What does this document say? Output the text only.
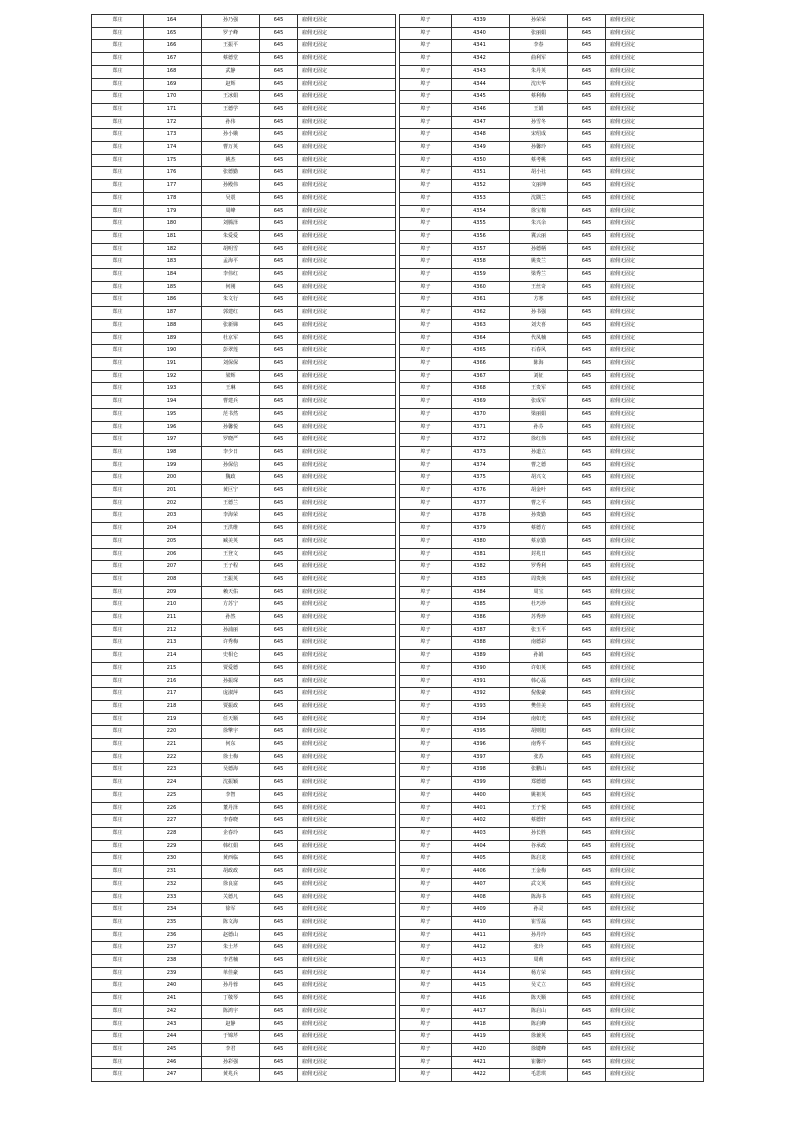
郑庄	164	孙乃强	645	雇佣无固定
郑庄	165	罗子峰	645	雇佣无固定
郑庄	166	王振平	645	雇佣无固定
郑庄	167	蔡德堂	645	雇佣无固定
郑庄	168	武静	645	雇佣无固定
郑庄	169	赵辉	645	雇佣无固定
郑庄	170	王冰娟	645	雇佣无固定
郑庄	171	王德学	645	雇佣无固定
郑庄	172	孙伟	645	雇佣无固定
郑庄	173	孙小娥	645	雇佣无固定
郑庄	174	曹万英	645	雇佣无固定
郑庄	175	姚杰	645	雇佣无固定
郑庄	176	张德勤	645	雇佣无固定
郑庄	177	孙殿伟	645	雇佣无固定
郑庄	178	吴震	645	雇佣无固定
郑庄	179	周峰	645	雇佣无固定
郑庄	180	刘腾泽	645	雇佣无固定
郑庄	181	朱爱爱	645	雇佣无固定
郑庄	182	胡明雪	645	雇佣无固定
郑庄	183	孟海平	645	雇佣无固定
郑庄	184	李伟红	645	雇佣无固定
郑庄	185	何刚	645	雇佣无固定
郑庄	186	朱文行	645	雇佣无固定
郑庄	187	郭建红	645	雇佣无固定
郑庄	188	张新娣	645	雇佣无固定
郑庄	189	杜京军	645	雇佣无固定
郑庄	190	彭翠莲	645	雇佣无固定
郑庄	191	刘保保	645	雇佣无固定
郑庄	192	梁辉	645	雇佣无固定
郑庄	193	王琳	645	雇佣无固定
郑庄	194	曹建兵	645	雇佣无固定
郑庄	195	范书然	645	雇佣无固定
郑庄	196	孙馨悦	645	雇佣无固定
郑庄	197	罗晓严	645	雇佣无固定
郑庄	198	李少日	645	雇佣无固定
郑庄	199	孙保信	645	雇佣无固定
郑庄	200	魏政	645	雇佣无固定
郑庄	201	黄巨宁	645	雇佣无固定
郑庄	202	王德兰	645	雇佣无固定
郑庄	203	李海荣	645	雇佣无固定
郑庄	204	王洪维	645	雇佣无固定
郑庄	205	臧美英	645	雇佣无固定
郑庄	206	王登文	645	雇佣无固定
郑庄	207	王子程	645	雇佣无固定
郑庄	208	王振英	645	雇佣无固定
郑庄	209	赖天佑	645	雇佣无固定
郑庄	210	方苏宁	645	雇佣无固定
郑庄	211	孙然	645	雇佣无固定
郑庄	212	孙浦丽	645	雇佣无固定
郑庄	213	许秀梅	645	雇佣无固定
郑庄	214	史相仑	645	雇佣无固定
郑庄	215	贾爱德	645	雇佣无固定
郑庄	216	孙振琛	645	雇佣无固定
郑庄	217	庞淑萍	645	雇佣无固定
郑庄	218	贾振政	645	雇佣无固定
郑庄	219	任天顺	645	雇佣无固定
郑庄	220	徐擎宇	645	雇佣无固定
郑庄	221	何东	645	雇佣无固定
郑庄	222	徐士梅	645	雇佣无固定
郑庄	223	吴德海	645	雇佣无固定
郑庄	224	沈振颖	645	雇佣无固定
郑庄	225	李智	645	雇佣无固定
郑庄	226	董丹泽	645	雇佣无固定
郑庄	227	李春晓	645	雇佣无固定
郑庄	228	企春玲	645	雇佣无固定
郑庄	229	韩红娟	645	雇佣无固定
郑庄	230	黄西临	645	雇佣无固定
郑庄	231	胡政政	645	雇佣无固定
郑庄	232	徐良富	645	雇佣无固定
郑庄	233	关德凡	645	雇佣无固定
郑庄	234	徐军	645	雇佣无固定
郑庄	235	陈文海	645	雇佣无固定
郑庄	236	赵德山	645	雇佣无固定
郑庄	237	朱士芹	645	雇佣无固定
郑庄	238	李君楠	645	雇佣无固定
郑庄	239	单佳豪	645	雇佣无固定
郑庄	240	孙丹蓉	645	雇佣无固定
郑庄	241	丁敬琴	645	雇佣无固定
郑庄	242	陈鸿宇	645	雇佣无固定
郑庄	243	赵静	645	雇佣无固定
郑庄	244	于锦芹	645	雇佣无固定
郑庄	245	李君	645	雇佣无固定
郑庄	246	孙彩强	645	雇佣无固定
郑庄	247	黄兆兵	645	雇佣无固定
埠子	4339	孙荣荣	645	雇佣无固定
埠子	4340	张丽娟	645	雇佣无固定
埠子	4341	李春	645	雇佣无固定
埠子	4342	曲利军	645	雇佣无固定
埠子	4343	朱丹英	645	雇佣无固定
埠子	4344	沈庆华	645	雇佣无固定
埠子	4345	蔡利梅	645	雇佣无固定
埠子	4346	王娟	645	雇佣无固定
埠子	4347	孙雪冬	645	雇佣无固定
埠子	4348	宋绍成	645	雇佣无固定
埠子	4349	孙馨玲	645	雇佣无固定
埠子	4350	蔡考桃	645	雇佣无固定
埠子	4351	胡小社	645	雇佣无固定
埠子	4352	文丽坤	645	雇佣无固定
埠子	4353	沈隅兰	645	雇佣无固定
埠子	4354	徐宝棉	645	雇佣无固定
埠子	4355	朱兴余	645	雇佣无固定
埠子	4356	冀云丽	645	雇佣无固定
埠子	4357	孙德柄	645	雇佣无固定
埠子	4358	姚贵兰	645	雇佣无固定
埠子	4359	梁秀兰	645	雇佣无固定
埠子	4360	王丝奇	645	雇佣无固定
埠子	4361	方寒	645	雇佣无固定
埠子	4362	孙书强	645	雇佣无固定
埠子	4363	刘夫喜	645	雇佣无固定
埠子	4364	代凤楠	645	雇佣无固定
埠子	4365	石春风	645	雇佣无固定
埠子	4366	陈海	645	雇佣无固定
埠子	4367	刘征	645	雇佣无固定
埠子	4368	王贵军	645	雇佣无固定
埠子	4369	张成军	645	雇佣无固定
埠子	4370	梁丽娟	645	雇佣无固定
埠子	4371	孙芬	645	雇佣无固定
埠子	4372	徐红伟	645	雇佣无固定
埠子	4373	孙道立	645	雇佣无固定
埠子	4374	曹之德	645	雇佣无固定
埠子	4375	胡兴文	645	雇佣无固定
埠子	4376	胡金叶	645	雇佣无固定
埠子	4377	曹之平	645	雇佣无固定
埠子	4378	孙贵勤	645	雇佣无固定
埠子	4379	蔡德方	645	雇佣无固定
埠子	4380	蔡京勤	645	雇佣无固定
埠子	4381	封兆日	645	雇佣无固定
埠子	4382	罗秀利	645	雇佣无固定
埠子	4383	周贵侠	645	雇佣无固定
埠子	4384	周宝	645	雇佣无固定
埠子	4385	杜巧珍	645	雇佣无固定
埠子	4386	苏秀珍	645	雇佣无固定
埠子	4387	张玉平	645	雇佣无固定
埠子	4388	南德彩	645	雇佣无固定
埠子	4389	孙娟	645	雇佣无固定
埠子	4390	许如英	645	雇佣无固定
埠子	4391	韩心磊	645	雇佣无固定
埠子	4392	倪俊豪	645	雇佣无固定
埠子	4393	樊佳美	645	雇佣无固定
埠子	4394	南如光	645	雇佣无固定
埠子	4395	胡则旭	645	雇佣无固定
埠子	4396	南秀平	645	雇佣无固定
埠子	4397	张苏	645	雇佣无固定
埠子	4398	张鹏山	645	雇佣无固定
埠子	4399	郑德德	645	雇佣无固定
埠子	4400	姚祖英	645	雇佣无固定
埠子	4401	王子悦	645	雇佣无固定
埠子	4402	蔡德轩	645	雇佣无固定
埠子	4403	孙长胜	645	雇佣无固定
埠子	4404	谷承政	645	雇佣无固定
埠子	4405	陈启龙	645	雇佣无固定
埠子	4406	王金梅	645	雇佣无固定
埠子	4407	武文英	645	雇佣无固定
埠子	4408	陈海书	645	雇佣无固定
埠子	4409	孙灵	645	雇佣无固定
埠子	4410	崔雪磊	645	雇佣无固定
埠子	4411	孙丹玲	645	雇佣无固定
埠子	4412	张玲	645	雇佣无固定
埠子	4413	周莉	645	雇佣无固定
埠子	4414	杨方荣	645	雇佣无固定
埠子	4415	吴丈立	645	雇佣无固定
埠子	4416	陈天顺	645	雇佣无固定
埠子	4417	陈启山	645	雇佣无固定
埠子	4418	陈启峰	645	雇佣无固定
埠子	4419	徐兼英	645	雇佣无固定
埠子	4420	徐键峰	645	雇佣无固定
埠子	4421	崔馨玲	645	雇佣无固定
埠子	4422	毛思琪	645	雇佣无固定
